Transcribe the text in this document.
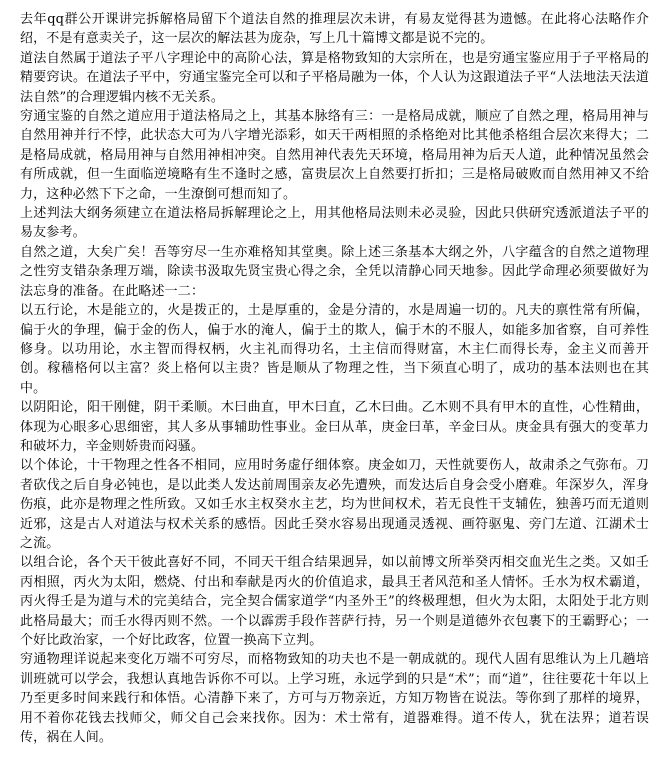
去年qq群公开课讲完拆解格局留下个道法自然的推理层次未讲，有易友觉得甚为遗憾。在此将心法略作介绍，不是有意卖关子，这一层次的解法甚为庞杂，写上几十篇博文都是说不完的。

道法自然属于道法子平八字理论中的高阶心法，算是格物致知的大宗所在，也是穷通宝鉴应用于子平格局的精要窍诀。在道法子平中，穷通宝鉴完全可以和子平格局融为一体，个人认为这跟道法子平“人法地法天法道法自然”的合理逻辑内核不无关系。

穷通宝鉴的自然之道应用于道法格局之上，其基本脉络有三：一是格局成就，顺应了自然之理，格局用神与自然用神并行不悖，此状态大可为八字增光添彩，如天干两相照的杀格绝对比其他杀格组合层次来得大；二是格局成就，格局用神与自然用神相冲突。自然用神代表先天环境，格局用神为后天人道，此种情况虽然会有所成就，但一生面临逆境略有生不逢时之感，富贵层次上自然要打折扣；三是格局破败而自然用神又不给力，这种必然下下之命，一生潦倒可想而知了。

上述判法大纲务须建立在道法格局拆解理论之上，用其他格局法则未必灵验，因此只供研究透派道法子平的易友参考。

自然之道，大矣广矣！吾等穷尽一生亦难格知其堂奥。除上述三条基本大纲之外，八字蕴含的自然之道物理之性穷支错杂条理万端，除读书汲取先贤宝贵心得之余，全凭以清静心同天地参。因此学命理必须要做好为法忘身的准备。在此略述一二：

以五行论，木是能立的，火是拨正的，土是厚重的，金是分清的，水是周遍一切的。凡夫的禀性常有所偏，偏于火的争理，偏于金的伤人，偏于水的淹人，偏于土的欺人，偏于木的不服人，如能多加省察，自可养性修身。以功用论，水主智而得权柄，火主礼而得功名，土主信而得财富，木主仁而得长寿，金主义而善开创。稼穑格何以主富？炎上格何以主贵？皆是顺从了物理之性，当下须直心明了，成功的基本法则也在其中。

以阴阳论，阳干刚健，阴干柔顺。木曰曲直，甲木曰直，乙木曰曲。乙木则不具有甲木的直性，心性精曲，体现为心眼多心思细密，其人多从事辅助性事业。金曰从革，庚金曰革，辛金曰从。庚金具有强大的变革力和破坏力，辛金则娇贵而闷骚。

以个体论，十干物理之性各不相同，应用时务虚仔细体察。庚金如刀，天性就要伤人，故肃杀之气弥布。刀者砍伐之后自身必钝也，是以此类人发达前周围亲友必先遭殃，而发达后自身会受小磨难。年深岁久，浑身伤痕，此亦是物理之性所致。又如壬水主权癸水主艺，均为世间权术，若无良性干支辅佐，独善巧而无道则近邪，这是古人对道法与权术关系的感悟。因此壬癸水容易出现通灵透视、画符驱鬼、旁门左道、江湖术士之流。

以组合论，各个天干彼此喜好不同，不同天干组合结果迥异，如以前博文所举癸丙相交血光生之类。又如壬丙相照，丙火为太阳，燃烧、付出和奉献是丙火的价值追求，最具王者风范和圣人情怀。壬水为权术霸道，丙火得壬是为道与术的完美结合，完全契合儒家道学“内圣外王”的终极理想，但火为太阳，太阳处于北方则此格局最大；而壬水得丙则不然。一个以霹雳手段作菩萨行持，另一个则是道德外衣包裹下的王霸野心；一个好比政治家，一个好比政客，位置一换高下立判。

穷通物理详说起来变化万端不可穷尽，而格物致知的功夫也不是一朝成就的。现代人固有思维认为上几趟培训班就可以学会，我想认真地告诉你不可以。上学习班，永远学到的只是“术”；而“道”，往往要花十年以上乃至更多时间来践行和体悟。心清静下来了，方可与万物亲近，方知万物皆在说法。等你到了那样的境界，用不着你花钱去找师父，师父自己会来找你。因为：术士常有，道器难得。道不传人，犹在法界；道若误传，祸在人间。
